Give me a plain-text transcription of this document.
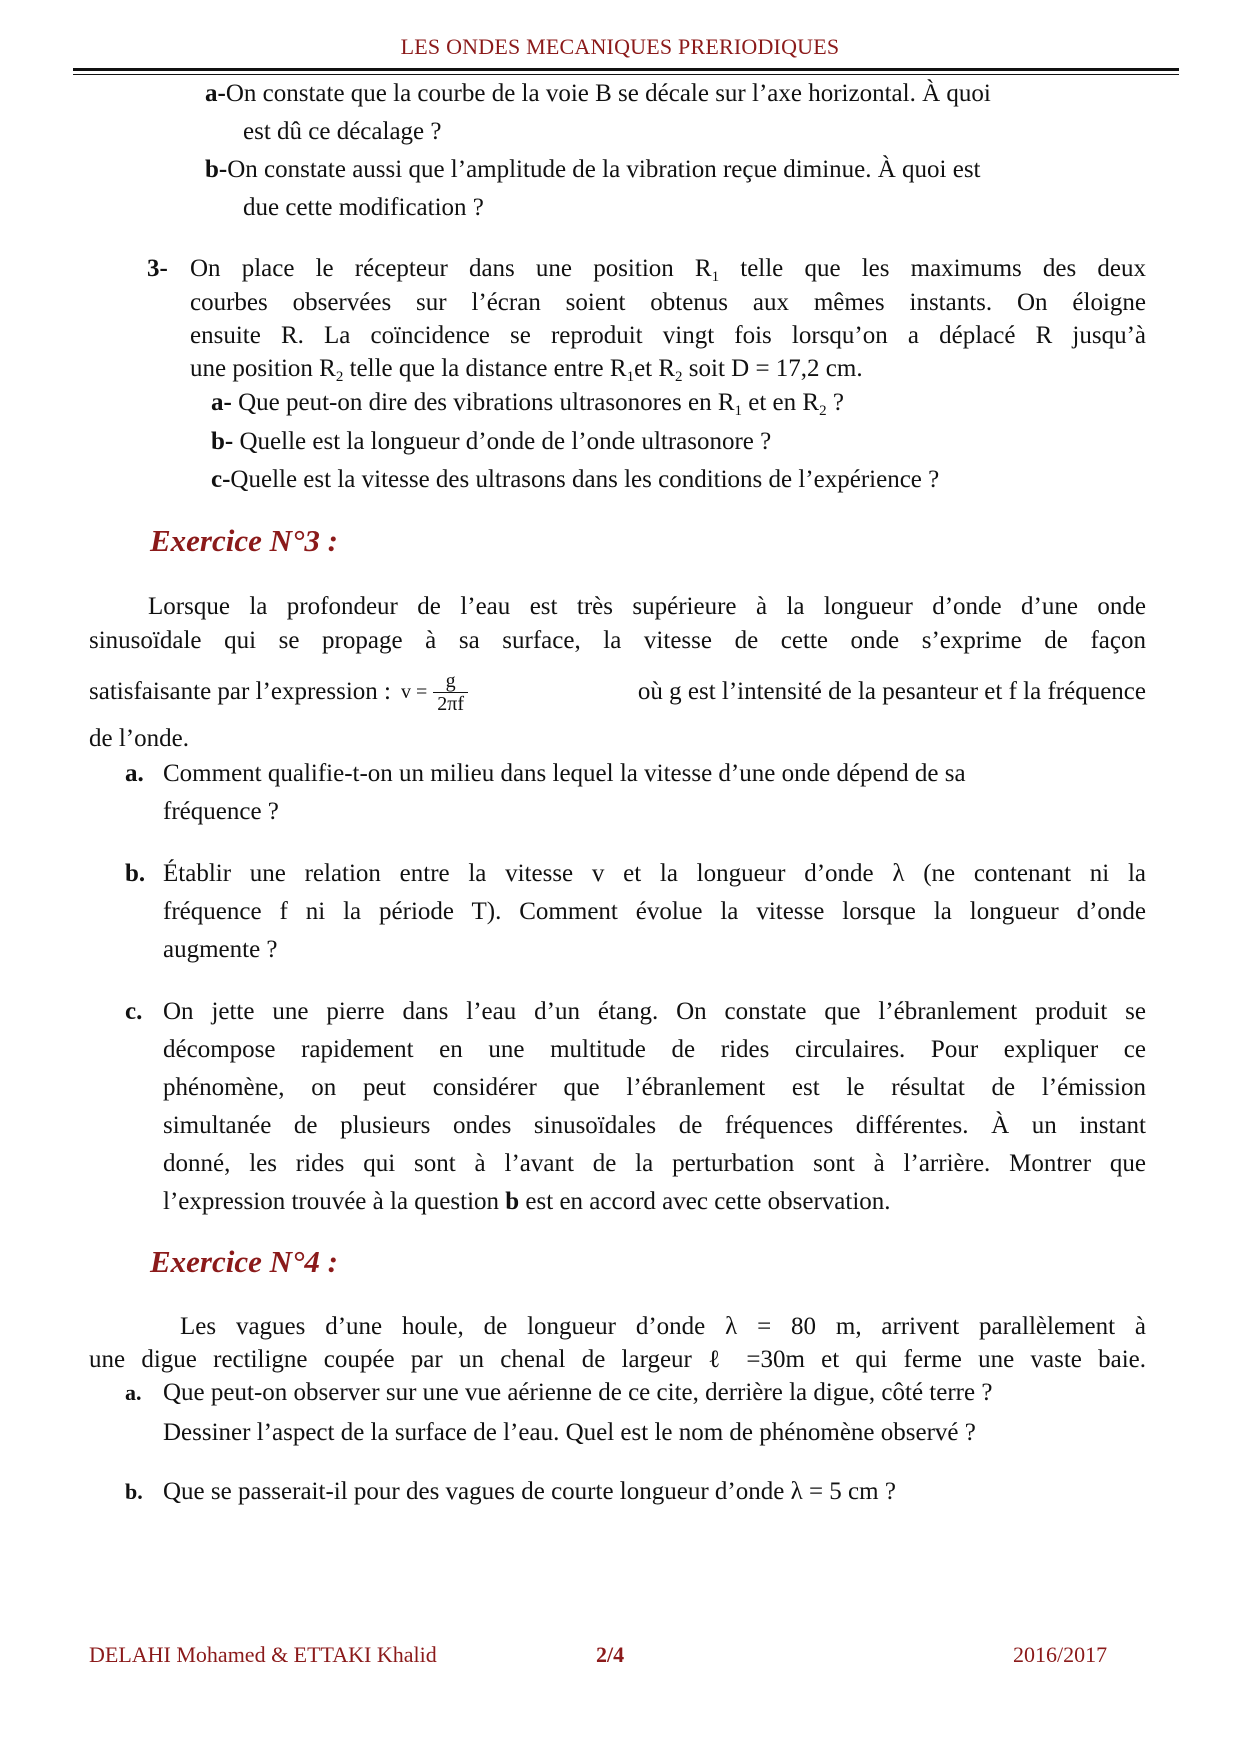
LES ONDES MECANIQUES PRERIODIQUES
a-On constate que la courbe de la voie B se décale sur l’axe horizontal. À quoi
est dû ce décalage ?
b-On constate aussi que l’amplitude de la vibration reçue diminue. À quoi est
due cette modification ?
3- On place le récepteur dans une position $R_1$ telle que les maximums des deux
courbes observées sur l’écran soient obtenus aux mêmes instants. On éloigne
ensuite R. La coïncidence se reproduit vingt fois lorsqu’on a déplacé R jusqu’à
une position $R_2$ telle que la distance entre $R_1et$ $R_2$ soit D = 17,2 cm.
a- Que peut-on dire des vibrations ultrasonores en $R_1$ et en $R_2$ ?
b- Quelle est la longueur d’onde de l’onde ultrasonore ?
c-Quelle est la vitesse des ultrasons dans les conditions de l’expérience ?
Exercice N°3 :
Lorsque la profondeur de l’eau est très supérieure à la longueur d’onde d’une onde
sinusoïdale qui se propage à sa surface, la vitesse de cette onde s’exprime de façon
satisfaisante par l’expression : $v = \frac{g}{2\pi f}$	où g est l’intensité de la pesanteur et f la fréquence
de l’onde.
a. Comment qualifie-t-on un milieu dans lequel la vitesse d’une onde dépend de sa
fréquence ?
b. Établir une relation entre la vitesse v et la longueur d’onde λ (ne contenant ni la
fréquence f ni la période T). Comment évolue la vitesse lorsque la longueur d’onde
augmente ?
c. On jette une pierre dans l’eau d’un étang. On constate que l’ébranlement produit se
décompose rapidement en une multitude de rides circulaires. Pour expliquer ce
phénomène, on peut considérer que l’ébranlement est le résultat de l’émission
simultanée de plusieurs ondes sinusoïdales de fréquences différentes. À un instant
donné, les rides qui sont à l’avant de la perturbation sont à l’arrière. Montrer que
l’expression trouvée à la question b est en accord avec cette observation.
Exercice N°4 :
Les vagues d’une houle, de longueur d’onde λ = 80 m, arrivent parallèlement à
une digue rectiligne coupée par un chenal de largeur ℓ =30m et qui ferme une vaste baie.
a. Que peut-on observer sur une vue aérienne de ce cite, derrière la digue, côté terre ?
Dessiner l’aspect de la surface de l’eau. Quel est le nom de phénomène observé ?
b. Que se passerait-il pour des vagues de courte longueur d’onde λ = 5 cm ?
DELAHI Mohamed & ETTAKI Khalid	2/4	2016/2017
